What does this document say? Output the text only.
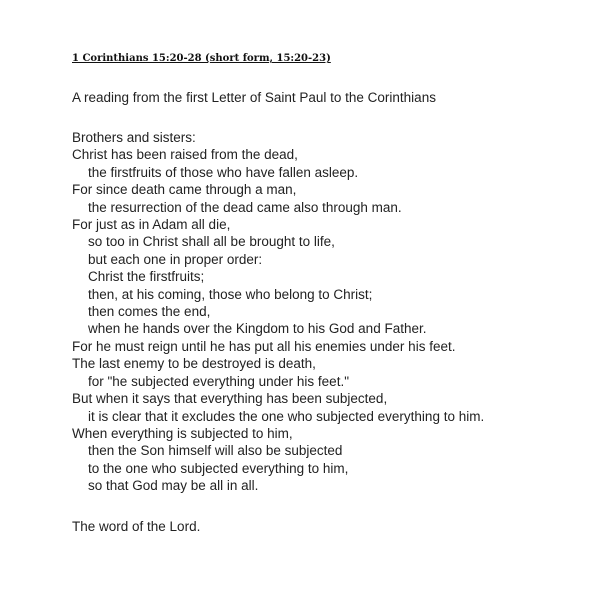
1 Corinthians 15:20-28 (short form, 15:20-23)
A reading from the first Letter of Saint Paul to the Corinthians
Brothers and sisters:
Christ has been raised from the dead,
the firstfruits of those who have fallen asleep.
For since death came through a man,
the resurrection of the dead came also through man.
For just as in Adam all die,
so too in Christ shall all be brought to life,
but each one in proper order:
Christ the firstfruits;
then, at his coming, those who belong to Christ;
then comes the end,
when he hands over the Kingdom to his God and Father.
For he must reign until he has put all his enemies under his feet.
The last enemy to be destroyed is death,
for "he subjected everything under his feet."
But when it says that everything has been subjected,
it is clear that it excludes the one who subjected everything to him.
When everything is subjected to him,
then the Son himself will also be subjected
to the one who subjected everything to him,
so that God may be all in all.
The word of the Lord.
